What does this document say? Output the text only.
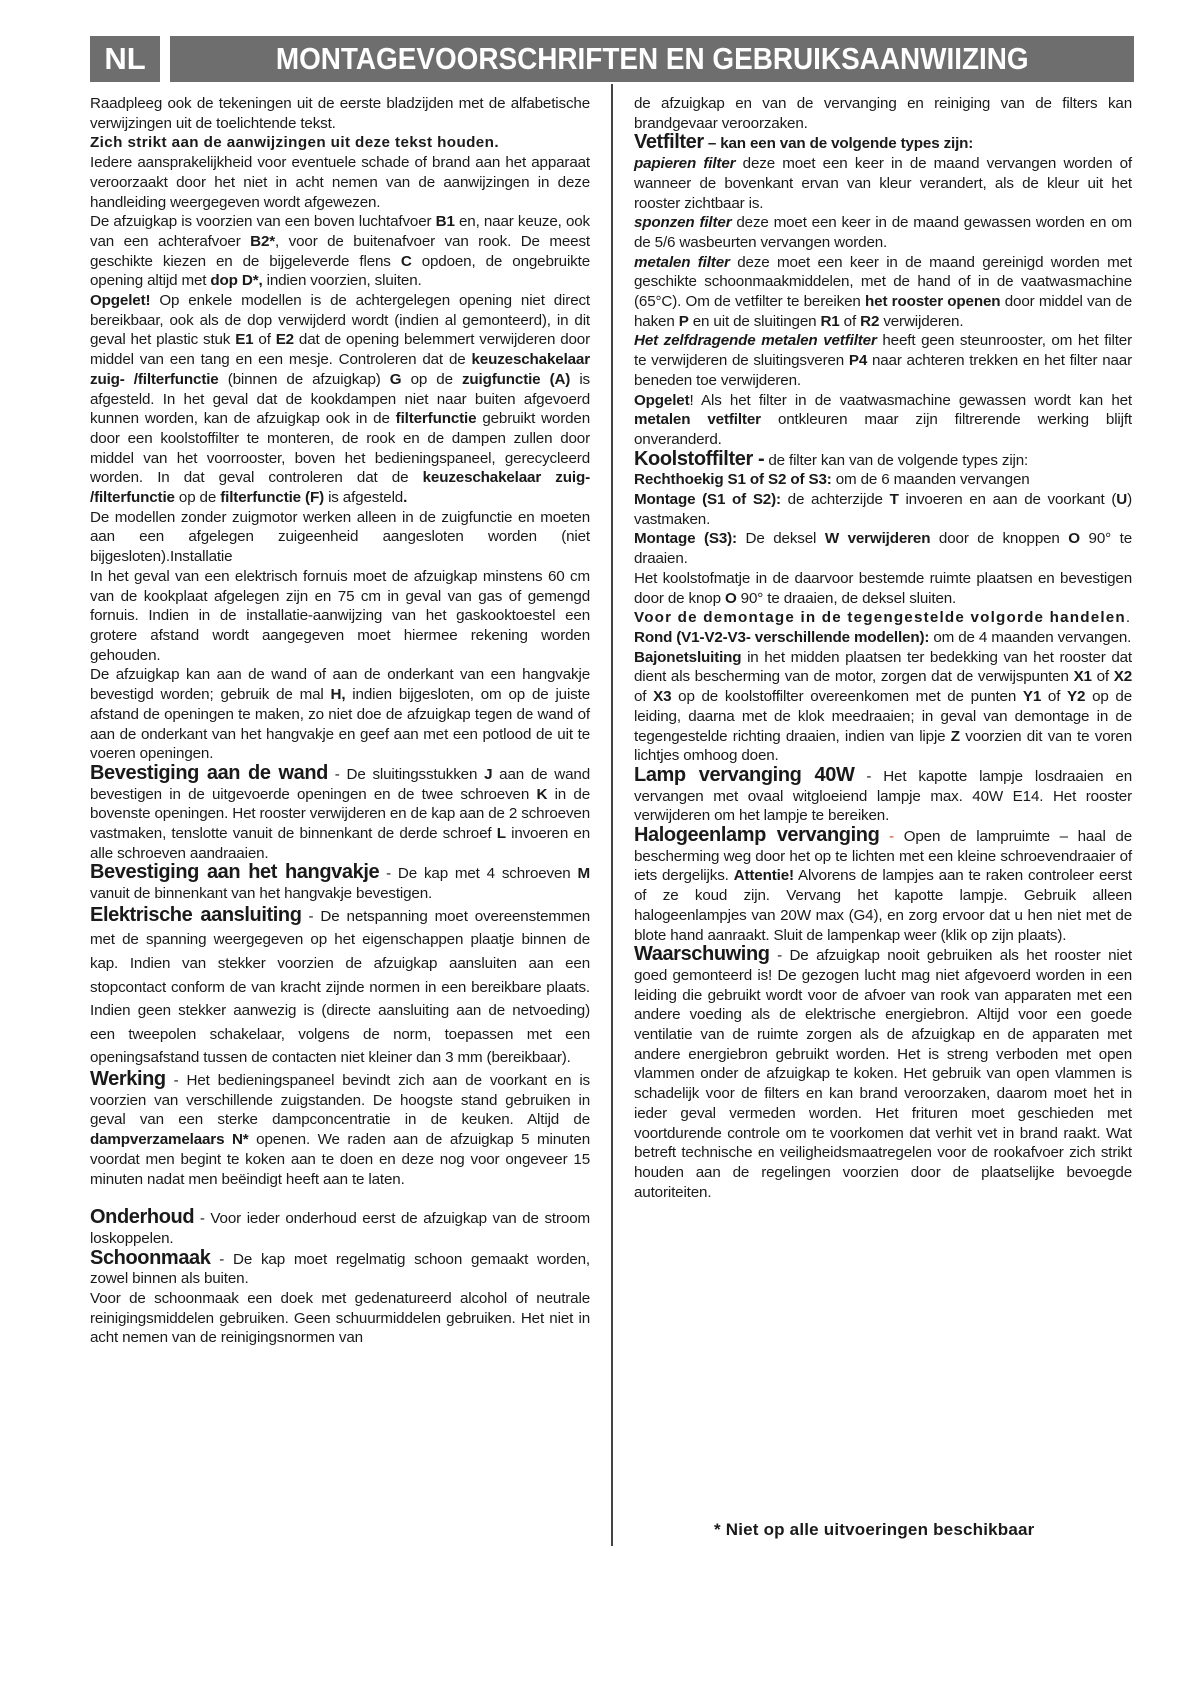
NL	MONTAGEVOORSCHRIFTEN EN GEBRUIKSAANWIIZING

Raadpleeg ook de tekeningen uit de eerste bladzijden met de alfabetische verwijzingen uit de toelichtende tekst.

Zich strikt aan de aanwijzingen uit deze tekst houden.

Iedere aansprakelijkheid voor eventuele schade of brand aan het apparaat veroorzaakt door het niet in acht nemen van de aanwijzingen in deze handleiding weergegeven wordt afgewezen.

De afzuigkap is voorzien van een boven luchtafvoer B1 en, naar keuze, ook van een achterafvoer B2*, voor de buitenafvoer van rook. De meest geschikte kiezen en de bijgeleverde flens C opdoen, de ongebruikte opening altijd met dop D*, indien voorzien, sluiten.

Opgelet! Op enkele modellen is de achtergelegen opening niet direct bereikbaar, ook als de dop verwijderd wordt (indien al gemonteerd), in dit geval het plastic stuk E1 of E2 dat de opening belemmert verwijderen door middel van een tang en een mesje. Controleren dat de keuzeschakelaar zuig- /filterfunctie (binnen de afzuigkap) G op de zuigfunctie (A) is afgesteld. In het geval dat de kookdampen niet naar buiten afgevoerd kunnen worden, kan de afzuigkap ook in de filterfunctie gebruikt worden door een koolstoffilter te monteren, de rook en de dampen zullen door middel van het voorrooster, boven het bedieningspaneel, gerecycleerd worden. In dat geval controleren dat de keuzeschakelaar zuig- /filterfunctie op de filterfunctie (F) is afgesteld.

De modellen zonder zuigmotor werken alleen in de zuigfunctie en moeten aan een afgelegen zuigeenheid aangesloten worden (niet bijgesloten).Installatie

In het geval van een elektrisch fornuis moet de afzuigkap minstens 60 cm van de kookplaat afgelegen zijn en 75 cm in geval van gas of gemengd fornuis. Indien in de installatie-aanwijzing van het gaskooktoestel een grotere afstand wordt aangegeven moet hiermee rekening worden gehouden.

De afzuigkap kan aan de wand of aan de onderkant van een hangvakje bevestigd worden; gebruik de mal H, indien bijgesloten, om op de juiste afstand de openingen te maken, zo niet doe de afzuigkap tegen de wand of aan de onderkant van het hangvakje en geef aan met een potlood de uit te voeren openingen.

Bevestiging aan de wand - De sluitingsstukken J aan de wand bevestigen in de uitgevoerde openingen en de twee schroeven K in de bovenste openingen. Het rooster verwijderen en de kap aan de 2 schroeven vastmaken, tenslotte vanuit de binnenkant de derde schroef L invoeren en alle schroeven aandraaien.

Bevestiging aan het hangvakje - De kap met 4 schroeven M vanuit de binnenkant van het hangvakje bevestigen.

Elektrische aansluiting - De netspanning moet overeenstemmen met de spanning weergegeven op het eigenschappen plaatje binnen de kap. Indien van stekker voorzien de afzuigkap aansluiten aan een stopcontact conform de van kracht zijnde normen in een bereikbare plaats. Indien geen stekker aanwezig is (directe aansluiting aan de netvoeding) een tweepolen schakelaar, volgens de norm, toepassen met een openingsafstand tussen de contacten niet kleiner dan 3 mm (bereikbaar).

Werking - Het bedieningspaneel bevindt zich aan de voorkant en is voorzien van verschillende zuigstanden. De hoogste stand gebruiken in geval van een sterke dampconcentratie in de keuken. Altijd de dampverzamelaars N* openen. We raden aan de afzuigkap 5 minuten voordat men begint te koken aan te doen en deze nog voor ongeveer 15 minuten nadat men beëindigt heeft aan te laten.

Onderhoud - Voor ieder onderhoud eerst de afzuigkap van de stroom loskoppelen.

Schoonmaak - De kap moet regelmatig schoon gemaakt worden, zowel binnen als buiten.

Voor de schoonmaak een doek met gedenatureerd alcohol of neutrale reinigingsmiddelen gebruiken. Geen schuurmiddelen gebruiken. Het niet in acht nemen van de reinigingsnormen van

de afzuigkap en van de vervanging en reiniging van de filters kan brandgevaar veroorzaken.

Vetfilter – kan een van de volgende types zijn:

papieren filter deze moet een keer in de maand vervangen worden of wanneer de bovenkant ervan van kleur verandert, als de kleur uit het rooster zichtbaar is.

sponzen filter deze moet een keer in de maand gewassen worden en om de 5/6 wasbeurten vervangen worden.

metalen filter deze moet een keer in de maand gereinigd worden met geschikte schoonmaakmiddelen, met de hand of in de vaatwasmachine (65°C). Om de vetfilter te bereiken het rooster openen door middel van de haken P en uit de sluitingen R1 of R2 verwijderen.

Het zelfdragende metalen vetfilter heeft geen steunrooster, om het filter te verwijderen de sluitingsveren P4 naar achteren trekken en het filter naar beneden toe verwijderen.

Opgelet! Als het filter in de vaatwasmachine gewassen wordt kan het metalen vetfilter ontkleuren maar zijn filtrerende werking blijft onveranderd.

Koolstoffilter - de filter kan van de volgende types zijn:

Rechthoekig S1 of S2 of S3: om de 6 maanden vervangen

Montage (S1 of S2): de achterzijde T invoeren en aan de voorkant (U) vastmaken.

Montage (S3): De deksel W verwijderen door de knoppen O 90° te draaien.

Het koolstofmatje in de daarvoor bestemde ruimte plaatsen en bevestigen door de knop O 90° te draaien, de deksel sluiten.

Voor de demontage in de tegengestelde volgorde handelen.

Rond (V1-V2-V3- verschillende modellen): om de 4 maanden vervangen.

Bajonetsluiting in het midden plaatsen ter bedekking van het rooster dat dient als bescherming van de motor, zorgen dat de verwijspunten X1 of X2 of X3 op de koolstoffilter overeenkomen met de punten Y1 of Y2 op de leiding, daarna met de klok meedraaien; in geval van demontage in de tegengestelde richting draaien, indien van lipje Z voorzien dit van te voren lichtjes omhoog doen.

Lamp vervanging 40W - Het kapotte lampje losdraaien en vervangen met ovaal witgloeiend lampje max. 40W E14. Het rooster verwijderen om het lampje te bereiken.

Halogeenlamp vervanging - Open de lampruimte – haal de bescherming weg door het op te lichten met een kleine schroevendraaier of iets dergelijks. Attentie! Alvorens de lampjes aan te raken controleer eerst of ze koud zijn. Vervang het kapotte lampje. Gebruik alleen halogeenlampjes van 20W max (G4), en zorg ervoor dat u hen niet met de blote hand aanraakt. Sluit de lampenkap weer (klik op zijn plaats).

Waarschuwing - De afzuigkap nooit gebruiken als het rooster niet goed gemonteerd is! De gezogen lucht mag niet afgevoerd worden in een leiding die gebruikt wordt voor de afvoer van rook van apparaten met een andere voeding als de elektrische energiebron. Altijd voor een goede ventilatie van de ruimte zorgen als de afzuigkap en de apparaten met andere energiebron gebruikt worden. Het is streng verboden met open vlammen onder de afzuigkap te koken. Het gebruik van open vlammen is schadelijk voor de filters en kan brand veroorzaken, daarom moet het in ieder geval vermeden worden. Het frituren moet geschieden met voortdurende controle om te voorkomen dat verhit vet in brand raakt. Wat betreft technische en veiligheidsmaatregelen voor de rookafvoer zich strikt houden aan de regelingen voorzien door de plaatselijke bevoegde autoriteiten.

* Niet op alle uitvoeringen beschikbaar
